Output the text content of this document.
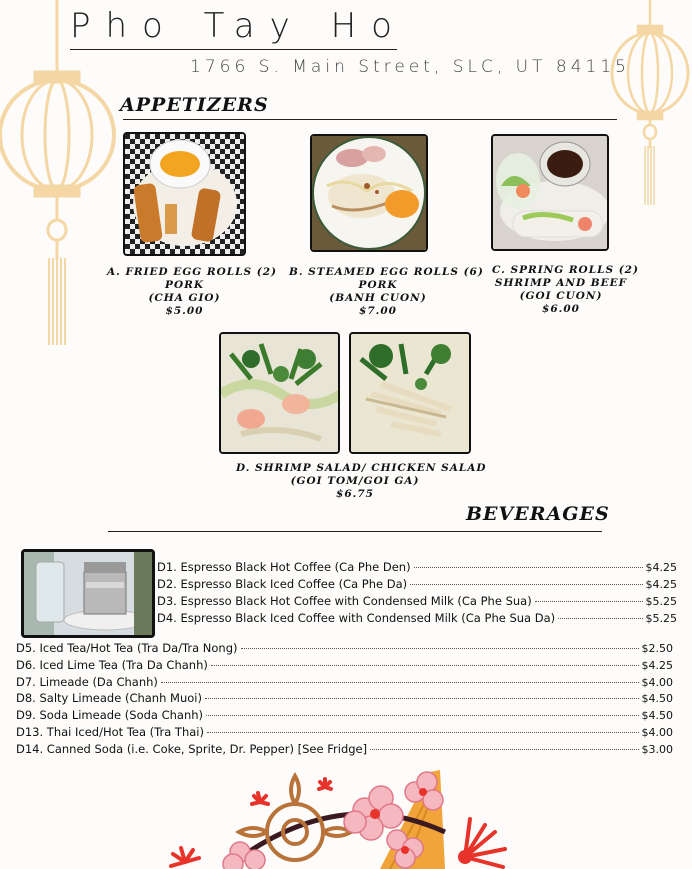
Pho Tay Ho
1766 S. Main Street, SLC, UT 84115
APPETIZERS
A. FRIED EGG ROLLS (2)
PORK
(CHA GIO)
$5.00
B. STEAMED EGG ROLLS (6)
PORK
(BANH CUON)
$7.00
C. SPRING ROLLS (2)
SHRIMP AND BEEF
(GOI CUON)
$6.00
D. SHRIMP SALAD/ CHICKEN SALAD
(GOI TOM/GOI GA)
$6.75
BEVERAGES
D1. Espresso Black Hot Coffee (Ca Phe Den)	$4.25
D2. Espresso Black Iced Coffee (Ca Phe Da)	$4.25
D3. Espresso Black Hot Coffee with Condensed Milk (Ca Phe Sua)	$5.25
D4. Espresso Black Iced Coffee with Condensed Milk (Ca Phe Sua Da)	$5.25
D5. Iced Tea/Hot Tea (Tra Da/Tra Nong)	$2.50
D6. Iced Lime Tea (Tra Da Chanh)	$4.25
D7. Limeade (Da Chanh)	$4.00
D8. Salty Limeade (Chanh Muoi)	$4.50
D9. Soda Limeade (Soda Chanh)	$4.50
D13. Thai Iced/Hot Tea (Tra Thai)	$4.00
D14. Canned Soda (i.e. Coke, Sprite, Dr. Pepper) [See Fridge]	$3.00
